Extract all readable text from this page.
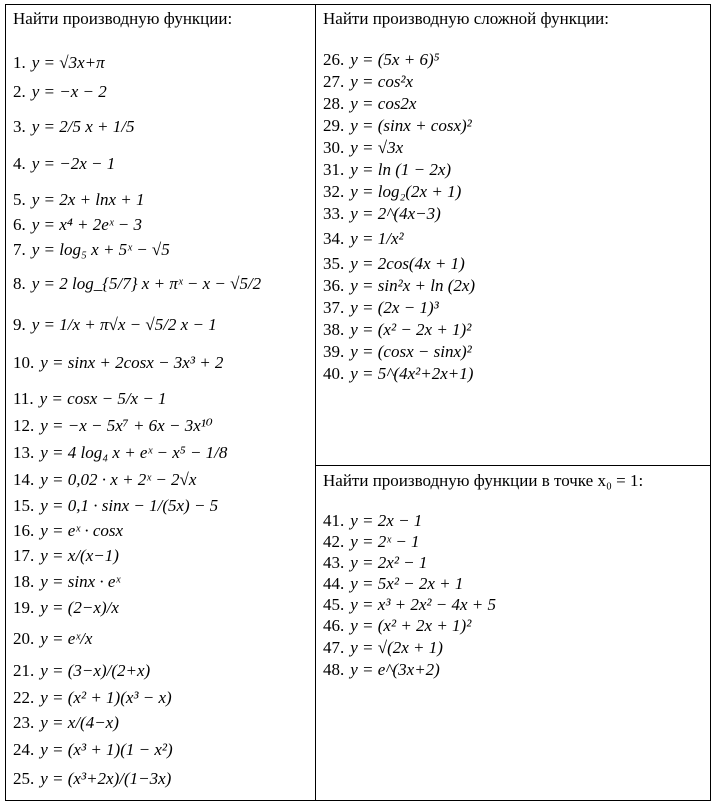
Найти производную функции:
1. y = √3x+π
2. y = −x − 2
3. y = 2/5 x + 1/5
4. y = −2x − 1
5. y = 2x + lnx + 1
6. y = x⁴ + 2eˣ − 3
7. y = log₅ x + 5ˣ − √5
8. y = 2 log_{5/7} x + πˣ − x − √5/2
9. y = 1/x + π√x − √5/2 x − 1
10. y = sinx + 2cosx − 3x³ + 2
11. y = cosx − 5/x − 1
12. y = −x − 5x⁷ + 6x − 3x¹⁰
13. y = 4 log₄ x + eˣ − x⁵ − 1/8
14. y = 0,02 · x + 2ˣ − 2√x
15. y = 0,1 · sinx − 1/(5x) − 5
16. y = eˣ · cosx
17. y = x/(x−1)
18. y = sinx · eˣ
19. y = (2−x)/x
20. y = eˣ/x
21. y = (3−x)/(2+x)
22. y = (x² + 1)(x³ − x)
23. y = x/(4−x)
24. y = (x³ + 1)(1 − x²)
25. y = (x³+2x)/(1−3x)
Найти производную сложной функции:
26. y = (5x + 6)⁵
27. y = cos²x
28. y = cos2x
29. y = (sinx + cosx)²
30. y = √3x
31. y = ln (1 − 2x)
32. y = log₂(2x + 1)
33. y = 2^(4x−3)
34. y = 1/x²
35. y = 2cos(4x + 1)
36. y = sin²x + ln (2x)
37. y = (2x − 1)³
38. y = (x² − 2x + 1)²
39. y = (cosx − sinx)²
40. y = 5^(4x²+2x+1)
Найти производную функции в точке x₀ = 1:
41. y = 2x − 1
42. y = 2ˣ − 1
43. y = 2x² − 1
44. y = 5x² − 2x + 1
45. y = x³ + 2x² − 4x + 5
46. y = (x² + 2x + 1)²
47. y = √(2x + 1)
48. y = e^(3x+2)
